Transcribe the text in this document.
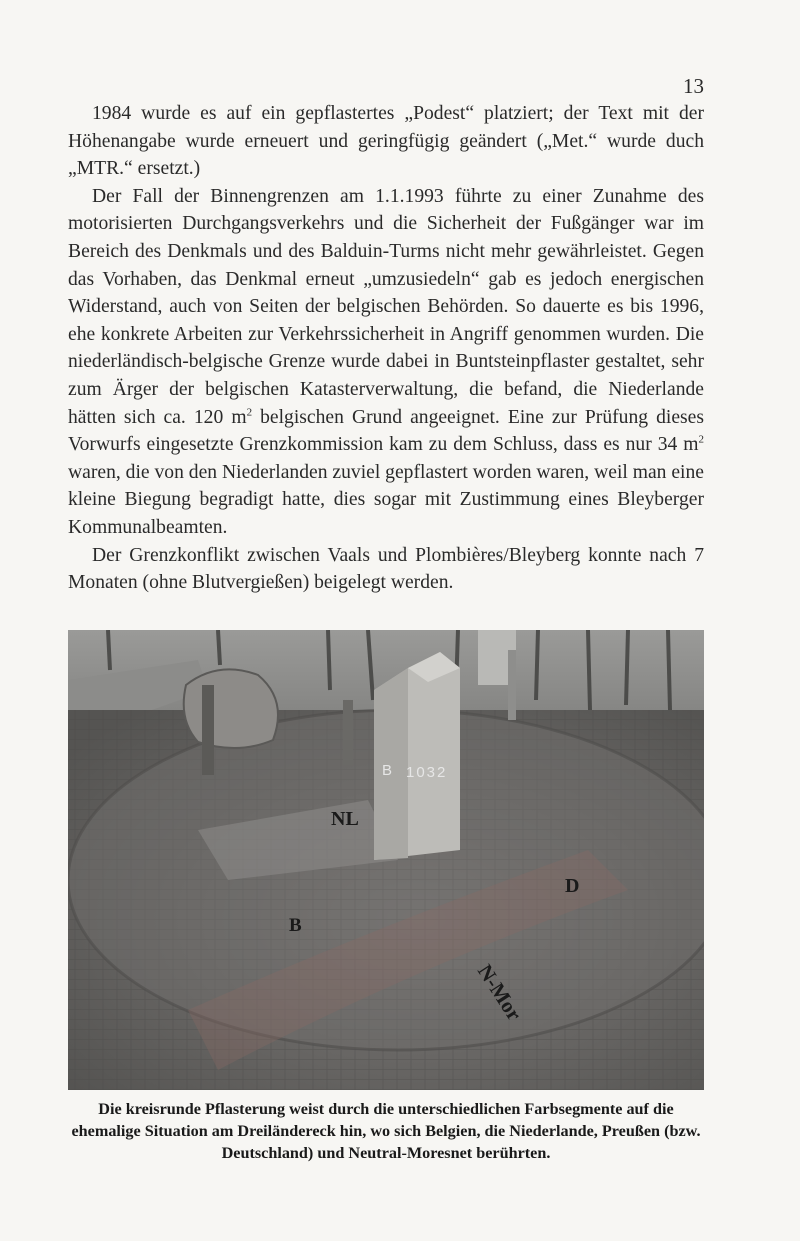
13

1984 wurde es auf ein gepflastertes „Podest“ platziert; der Text mit der Höhenangabe wurde erneuert und geringfügig geändert („Met.“ wurde duch „MTR.“ ersetzt.)

Der Fall der Binnengrenzen am 1.1.1993 führte zu einer Zunahme des motorisierten Durchgangsverkehrs und die Sicherheit der Fußgänger war im Bereich des Denkmals und des Balduin-Turms nicht mehr gewährleistet. Gegen das Vorhaben, das Denkmal erneut „umzusiedeln“ gab es jedoch energischen Widerstand, auch von Seiten der belgischen Behörden. So dauerte es bis 1996, ehe konkrete Arbeiten zur Verkehrssicherheit in Angriff genommen wurden. Die niederländisch-belgische Grenze wurde dabei in Buntsteinpflaster gestaltet, sehr zum Ärger der belgischen Katasterverwaltung, die befand, die Niederlande hätten sich ca. 120 $m^2$ belgischen Grund angeeignet. Eine zur Prüfung dieses Vorwurfs eingesetzte Grenzkommission kam zu dem Schluss, dass es nur 34 $m^2$ waren, die von den Niederlanden zuviel gepflastert worden waren, weil man eine kleine Biegung begradigt hatte, dies sogar mit Zustimmung eines Bleyberger Kommunalbeamten.

Der Grenzkonflikt zwischen Vaals und Plombières/Bleyberg konnte nach 7 Monaten (ohne Blutvergießen) beigelegt werden.

B 1032
NL
D
B
N-Mor
Die kreisrunde Pflasterung weist durch die unterschiedlichen Farbsegmente auf die ehemalige Situation am Dreiländereck hin, wo sich Belgien, die Niederlande, Preußen (bzw. Deutschland) und Neutral-Moresnet berührten.
